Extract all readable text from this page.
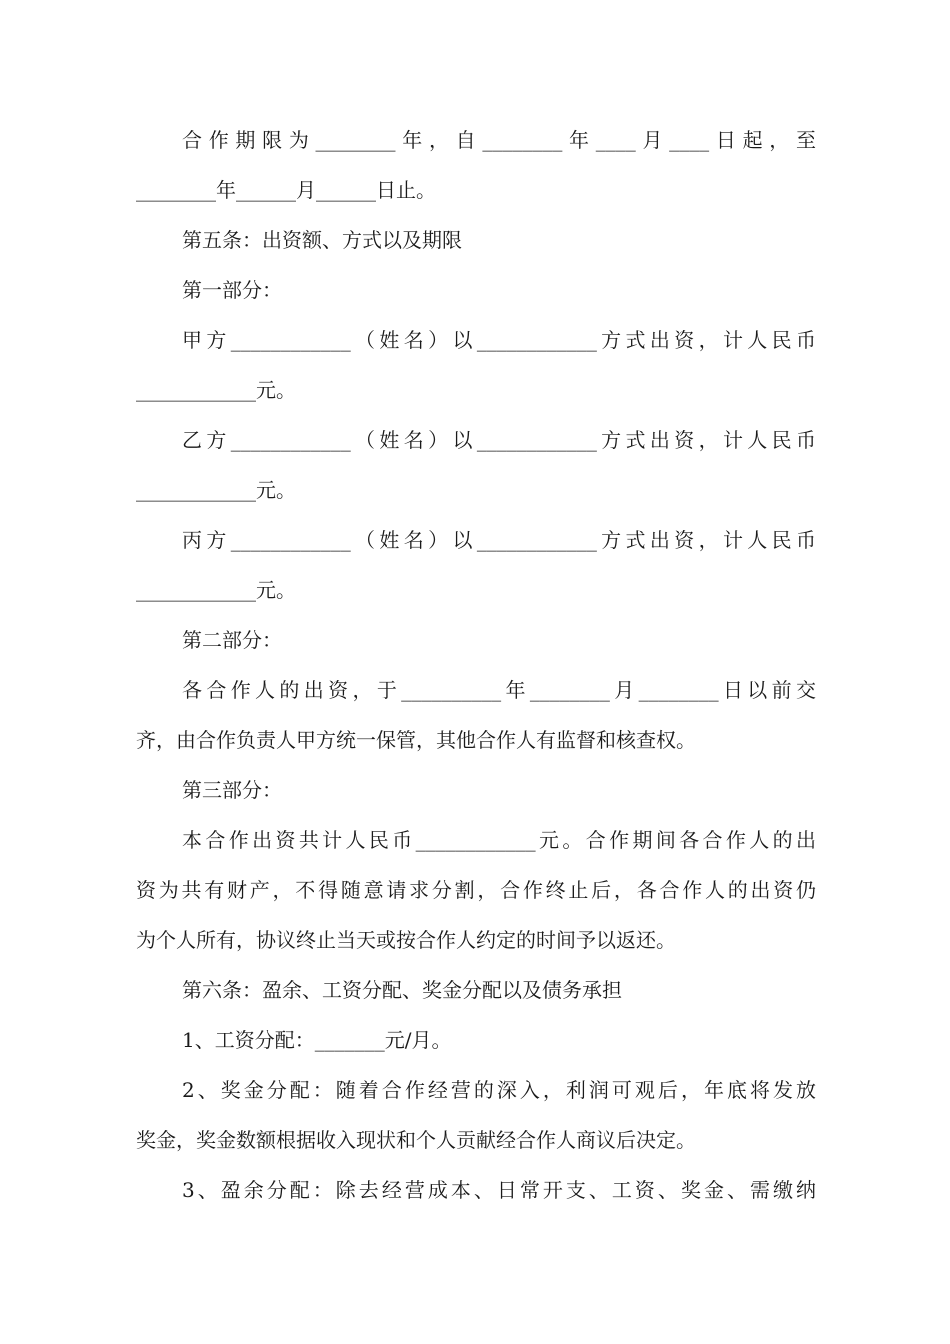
合作期限为________年，自________年____月____日起，至
________年______月______日止。
第五条：出资额、方式以及期限
第一部分：
甲方____________（姓名）以____________方式出资，计人民币
____________元。
乙方____________（姓名）以____________方式出资，计人民币
____________元。
丙方____________（姓名）以____________方式出资，计人民币
____________元。
第二部分：
各合作人的出资，于__________年________月________日以前交
齐，由合作负责人甲方统一保管，其他合作人有监督和核查权。
第三部分：
本合作出资共计人民币____________元。合作期间各合作人的出
资为共有财产，不得随意请求分割，合作终止后，各合作人的出资仍
为个人所有，协议终止当天或按合作人约定的时间予以返还。
第六条：盈余、工资分配、奖金分配以及债务承担
1、工资分配：_______元/月。
2、奖金分配：随着合作经营的深入，利润可观后，年底将发放
奖金，奖金数额根据收入现状和个人贡献经合作人商议后决定。
3、盈余分配：除去经营成本、日常开支、工资、奖金、需缴纳
